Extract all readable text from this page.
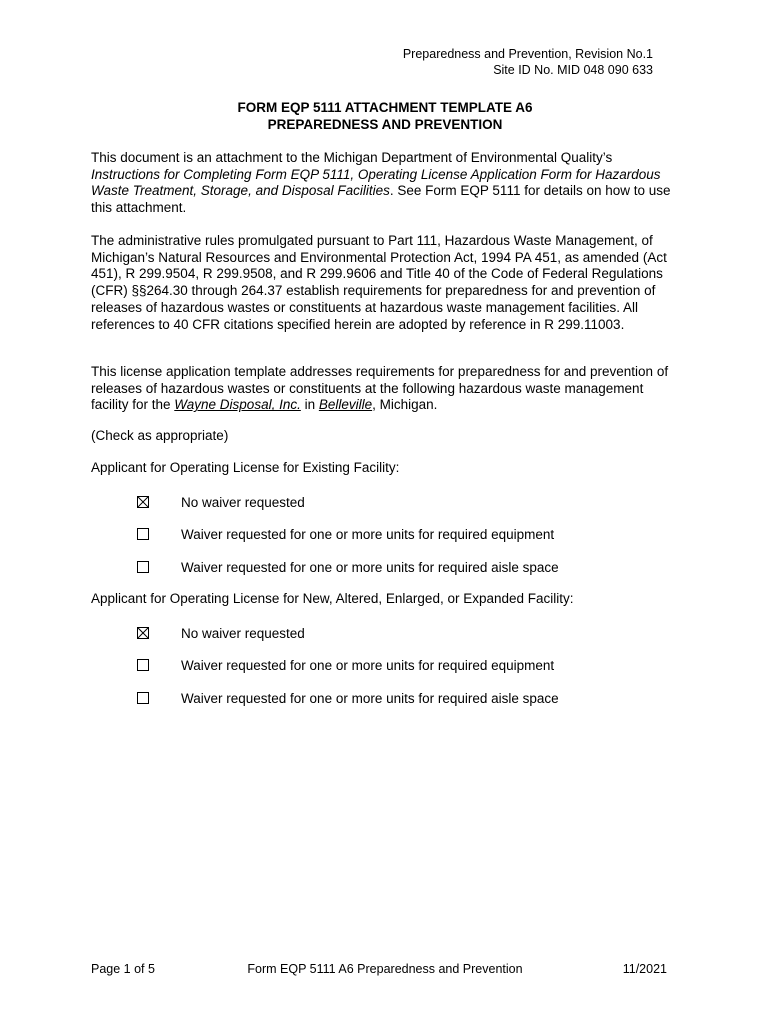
Preparedness and Prevention, Revision No.1
Site ID No. MID 048 090 633
FORM EQP 5111 ATTACHMENT TEMPLATE A6
PREPAREDNESS AND PREVENTION
This document is an attachment to the Michigan Department of Environmental Quality’s Instructions for Completing Form EQP 5111, Operating License Application Form for Hazardous Waste Treatment, Storage, and Disposal Facilities. See Form EQP 5111 for details on how to use this attachment.
The administrative rules promulgated pursuant to Part 111, Hazardous Waste Management, of Michigan’s Natural Resources and Environmental Protection Act, 1994 PA 451, as amended (Act 451), R 299.9504, R 299.9508, and R 299.9606 and Title 40 of the Code of Federal Regulations (CFR) §§264.30 through 264.37 establish requirements for preparedness for and prevention of releases of hazardous wastes or constituents at hazardous waste management facilities. All references to 40 CFR citations specified herein are adopted by reference in R 299.11003.
This license application template addresses requirements for preparedness for and prevention of releases of hazardous wastes or constituents at the following hazardous waste management facility for the Wayne Disposal, Inc. in Belleville, Michigan.
(Check as appropriate)
Applicant for Operating License for Existing Facility:
No waiver requested
Waiver requested for one or more units for required equipment
Waiver requested for one or more units for required aisle space
Applicant for Operating License for New, Altered, Enlarged, or Expanded Facility:
No waiver requested
Waiver requested for one or more units for required equipment
Waiver requested for one or more units for required aisle space
Form EQP 5111 A6 Preparedness and Prevention
Page 1 of 5	11/2021
